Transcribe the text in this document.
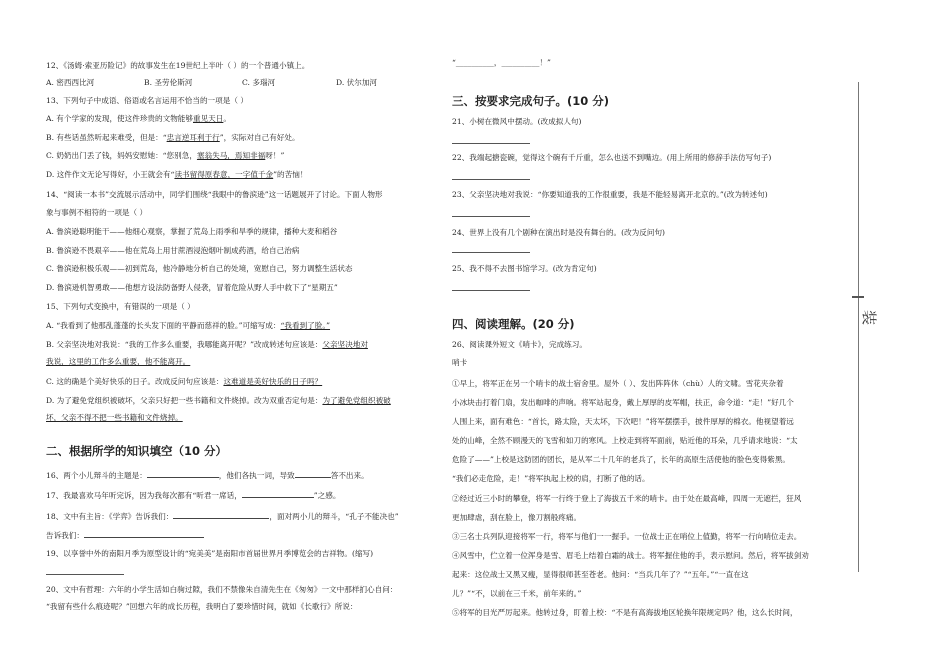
12、《汤姆·索亚历险记》的故事发生在19世纪上半叶（ ）的一个普通小镇上。
A. 密西西比河	B. 圣劳伦斯河	C. 多瑙河	D. 伏尔加河
13、下列句子中成语、俗语或名言运用不恰当的一项是（ ）
A. 有个学家的发现，使这件珍贵的文物能够重见天日。
B. 有些话虽然听起来难受，但是：“忠言逆耳利于行”，实际对自己有好处。
C. 奶奶出门丢了钱，妈妈安慰她：“您别急，塞翁失马，焉知非福呀！”
D. 这件作文无论写得好，小王就会有“读书留得原春意，一字值千金”的苦恼！
14、“阅读一本书”交流展示活动中，同学们围绕“我眼中的鲁滨逊”这一话题展开了讨论。下面人物形
象与事例不相符的一项是（ ）
A. 鲁滨逊聪明能干——他细心观察，掌握了荒岛上雨季和旱季的规律，播种大麦和稻谷
B. 鲁滨逊不畏艰辛——他在荒岛上用甘蔗酒浸泡烟叶制成药酒，给自己治病
C. 鲁滨逊积极乐观——初到荒岛，他冷静地分析自己的处境，宽慰自己，努力调整生活状态
D. 鲁滨逊机智勇敢——他想方设法防备野人侵袭，冒着危险从野人手中救下了“星期五”
15、下列句式变换中，有错误的一项是（ ）
A. “我看到了他那乱蓬蓬的长头发下面的平静而慈祥的脸。”可缩写成：“我看到了脸。”
B. 父亲坚决地对我说：“我的工作多么重要，我哪能离开呢？”改成转述句应该是：父亲坚决地对
我说，这里的工作多么重要，他不能离开。
C. 这的确是个美好快乐的日子。改成反问句应该是：这难道是美好快乐的日子吗？
D. 为了避免党组织被破坏，父亲只好把一些书籍和文件烧掉。改为双重否定句是：为了避免党组织被破
坏，父亲不得不把一些书籍和文件烧掉。
二、根据所学的知识填空（10 分）
16、两个小儿辩斗的主题是：	，他们各执一词，导致	答不出来。
17、我最喜欢马年听完诉，因为我每次都有“听君一席话，	”之感。
18、文中有主旨：《学弈》告诉我们：	，面对两小儿的辩斗，“孔子不能决也”
告诉我们：
19、以享誉中外的南阳月季为原型设计的“宛美美”是南阳市首届世界月季博览会的吉祥物。(缩写)
20、文中有哲理：六年的小学生活如白驹过隙，我们不禁像朱自清先生在《匆匆》一文中那样扪心自问：
“我留有些什么痕迹呢？”回想六年的成长历程，我明白了要珍惜时间，就如《长歌行》所说：
“__________，__________！”
三、按要求完成句子。(10 分)
21、小树在微风中摆动。(改成拟人句)
22、我端起搪瓷碗，觉得这个碗有千斤重，怎么也送不到嘴边。(用上所用的修辞手法仿写句子)
23、父亲坚决地对我说：“你要知道我的工作很重要，我是不能轻易离开北京的。”(改为转述句)
24、世界上没有几个剧种在演出时是没有舞台的。(改为反问句)
25、我不得不去图书馆学习。(改为肯定句)
四、阅读理解。(20 分)
26、阅读课外短文《哨卡》，完成练习。
哨卡
①早上，将军正在另一个哨卡的战士宿舍里。屋外（ ）、发出阵阵休（chù）人的文啸。雪花夹杂着
小冰块击打着门扇，发出咖啡的声响。将军站起身，戴上厚厚的皮军帽，扶正，命令道：“走！”好几个
人围上来，面有难色：“首长，路太险，天太坏，下次吧！”将军摆摆手，披件厚厚的棉衣。他视望着远
处的山峰，全然不顾漫天的飞雪和如刀的寒风。上校走到将军面前，贴近他的耳朵，几乎请求地说：“太
危险了——”上校是这防团的团长，是从军二十几年的老兵了，长年的高原生活使他的脸色变得紫黑。
“我们必走危险，走！”将军执起上校的肩，打断了他的话。
②经过近三小时的攀登，将军一行终于登上了海拔五千米的哨卡。由于处在最高峰，四周一无遮拦，狂风
更加肆虐，刮在脸上，像刀割般疼痛。
③三名士兵列队迎接将军一行，将军与他们一一握手。一位战士正在哨位上值勤，将军一行向哨位走去。
④风雪中，伫立着一位浑身是雪、眉毛上结着白霜的战士。将军握住他的手，表示慰问。然后，将军拔剑劝
起来：这位战士又黑又瘦，显得很师甚至苍老。他问：“当兵几年了？”“五年。”“一直在这
儿？”“不，以前在三千米，前年来的。”
⑤将军的目光严厉起来。他转过身，盯着上校：“不是有高海拔地区轮换年限规定吗？他，这么长时间，
装
